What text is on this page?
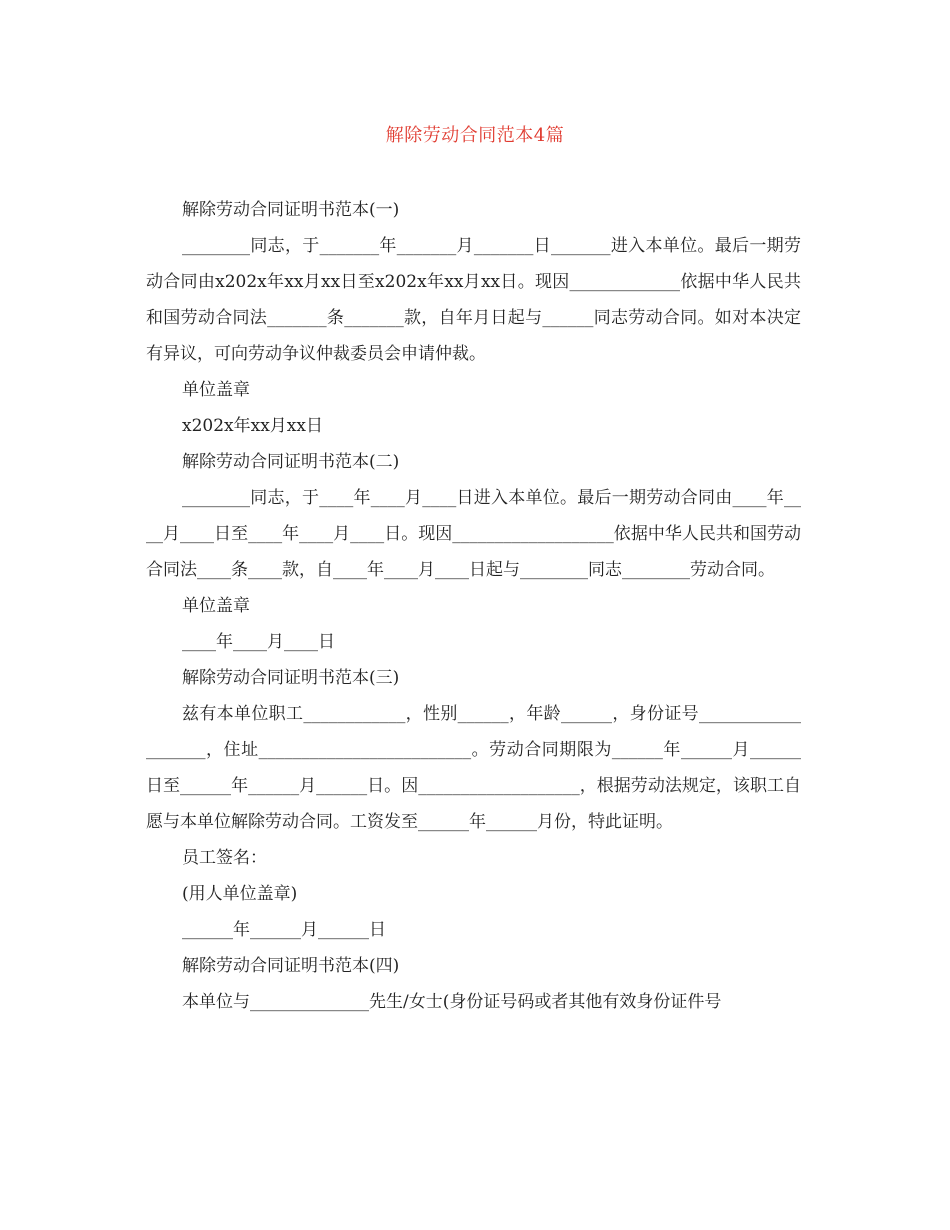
解除劳动合同范本4篇

解除劳动合同证明书范本(一)

________同志，于_______年_______月_______日_______进入本单位。最后一期劳动合同由x202x年xx月xx日至x202x年xx月xx日。现因_____________依据中华人民共和国劳动合同法_______条_______款，自年月日起与______同志劳动合同。如对本决定有异议，可向劳动争议仲裁委员会申请仲裁。

单位盖章

x202x年xx月xx日

解除劳动合同证明书范本(二)

________同志，于____年____月____日进入本单位。最后一期劳动合同由____年____月____日至____年____月____日。现因___________________依据中华人民共和国劳动合同法____条____款，自____年____月____日起与________同志________劳动合同。

单位盖章

____年____月____日

解除劳动合同证明书范本(三)

兹有本单位职工____________，性别______，年龄______，身份证号___________________，住址_________________________。劳动合同期限为______年______月______日至______年______月______日。因___________________，根据劳动法规定，该职工自愿与本单位解除劳动合同。工资发至______年______月份，特此证明。

员工签名：

(用人单位盖章)

______年______月______日

解除劳动合同证明书范本(四)

本单位与______________先生/女士(身份证号码或者其他有效身份证件号
